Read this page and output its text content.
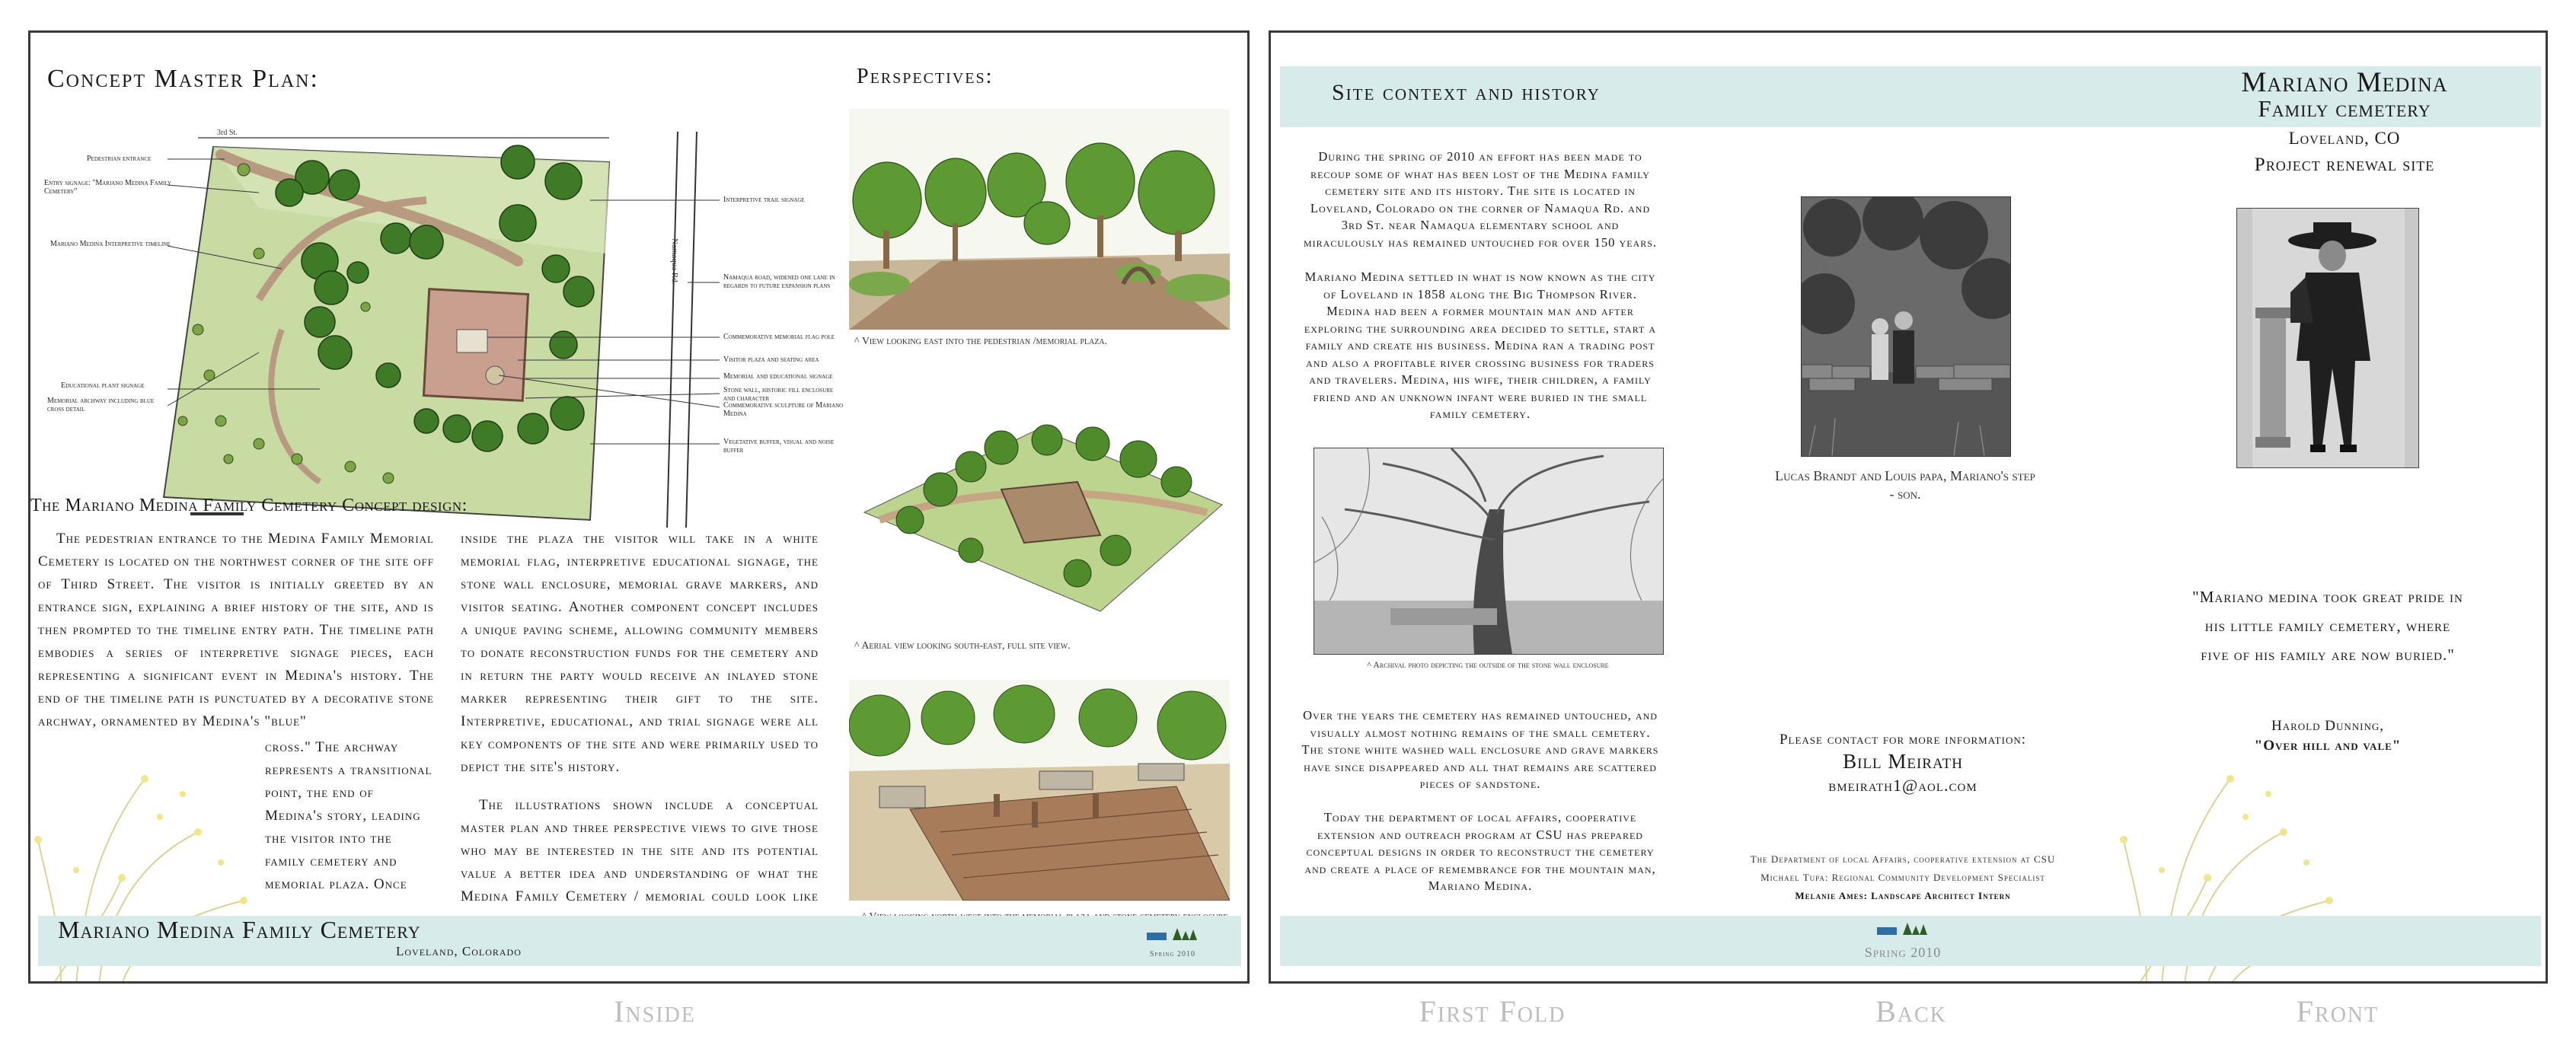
Concept Master Plan:
Namaqua Rd.
3rd St.
Pedestrian entrance
Entry signage: "Mariano Medina Family Cemetery"
Mariano Medina Interpretive timeline
Educational plant signage
Memorial archway including blue cross detail
Interpretive trail signage
Namaqua road, widened one lane in regards to future expansion plans
Commemorative memorial flag pole
Visitor plaza and seating area
Memorial and educational signage
Stone wall, historic fill enclosure and character
Commemorative sculpture of Mariano Medina
Vegetative buffer, visual and noise buffer
The Mariano Medina Family Cemetery Concept design:
The pedestrian entrance to the Medina Family Memorial Cemetery is located on the northwest corner of the site off of Third Street. The visitor is initially greeted by an entrance sign, explaining a brief history of the site, and is then prompted to the timeline entry path. The timeline path embodies a series of interpretive signage pieces, each representing a significant event in Medina's history. The end of the timeline path is punctuated by a decorative stone archway, ornamented by Medina's "blue"
cross." The archway represents a transitional point, the end of Medina's story, leading the visitor into the family cemetery and memorial plaza. Once
inside the plaza the visitor will take in a white memorial flag, interpretive educational signage, the stone wall enclosure, memorial grave markers, and visitor seating. Another component concept includes a unique paving scheme, allowing community members to donate reconstruction funds for the cemetery and in return the party would receive an inlayed stone marker representing their gift to the site. Interpretive, educational, and trial signage were all key components of the site and were primarily used to depict the site's history.
The illustrations shown include a conceptual master plan and three perspective views to give those who may be interested in the site and its potential value a better idea and understanding of what the Medina Family Cemetery / memorial could look like
Perspectives:
^ View looking east into the pedestrian /memorial plaza.
^ Aerial view looking south-east, full site view.
Mariano Medina Family Cemetery
Loveland, Colorado	Spring 2010
Site context and history
During the spring of 2010 an effort has been made to recoup some of what has been lost of the Medina family cemetery site and its history. The site is located in Loveland, Colorado on the corner of Namaqua Rd. and 3rd St. near Namaqua elementary school and miraculously has remained untouched for over 150 years.
Mariano Medina settled in what is now known as the city of Loveland in 1858 along the Big Thompson River. Medina had been a former mountain man and after exploring the surrounding area decided to settle, start a family and create his business. Medina ran a trading post and also a profitable river crossing business for traders and travelers. Medina, his wife, their children, a family friend and an unknown infant were buried in the small family cemetery.
^ Archival photo depicting the outside of the stone wall enclosure
Over the years the cemetery has remained untouched, and visually almost nothing remains of the small cemetery. The stone white washed wall enclosure and grave markers have since disappeared and all that remains are scattered pieces of sandstone.
Today the department of local affairs, cooperative extension and outreach program at CSU has prepared conceptual designs in order to reconstruct the cemetery and create a place of remembrance for the mountain man, Mariano Medina.
Lucas Brandt and Louis papa, Mariano's step - son.
Please contact for more information:
Bill Meirath
bmeirath1@aol.com
The Department of local Affairs, cooperative extension at CSU
Michael Tupa: Regional Community Development Specialist
Melanie Ames: Landscape Architect Intern
Mariano Medina
Family cemetery
Loveland, CO
Project renewal site
"Mariano medina took great pride in his little family cemetery, where five of his family are now buried."
Harold Dunning,
"Over hill and vale"
Spring 2010
Inside	First Fold	Back	Front
